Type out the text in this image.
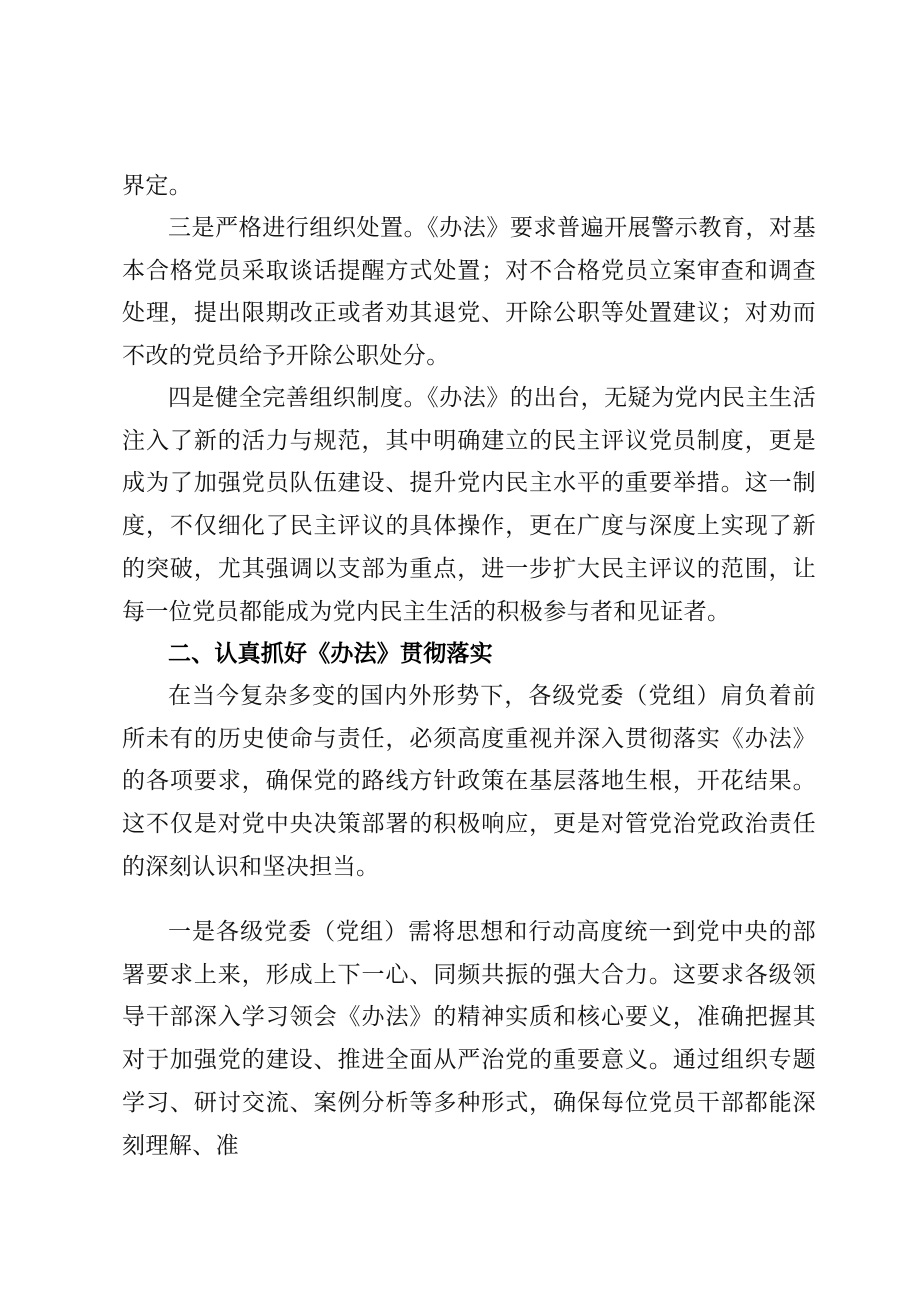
界定。

三是严格进行组织处置。《办法》要求普遍开展警示教育，对基本合格党员采取谈话提醒方式处置；对不合格党员立案审查和调查处理，提出限期改正或者劝其退党、开除公职等处置建议；对劝而不改的党员给予开除公职处分。

四是健全完善组织制度。《办法》的出台，无疑为党内民主生活注入了新的活力与规范，其中明确建立的民主评议党员制度，更是成为了加强党员队伍建设、提升党内民主水平的重要举措。这一制度，不仅细化了民主评议的具体操作，更在广度与深度上实现了新的突破，尤其强调以支部为重点，进一步扩大民主评议的范围，让每一位党员都能成为党内民主生活的积极参与者和见证者。

二、认真抓好《办法》贯彻落实

在当今复杂多变的国内外形势下，各级党委（党组）肩负着前所未有的历史使命与责任，必须高度重视并深入贯彻落实《办法》的各项要求，确保党的路线方针政策在基层落地生根，开花结果。这不仅是对党中央决策部署的积极响应，更是对管党治党政治责任的深刻认识和坚决担当。

一是各级党委（党组）需将思想和行动高度统一到党中央的部署要求上来，形成上下一心、同频共振的强大合力。这要求各级领导干部深入学习领会《办法》的精神实质和核心要义，准确把握其对于加强党的建设、推进全面从严治党的重要意义。通过组织专题学习、研讨交流、案例分析等多种形式，确保每位党员干部都能深刻理解、准
